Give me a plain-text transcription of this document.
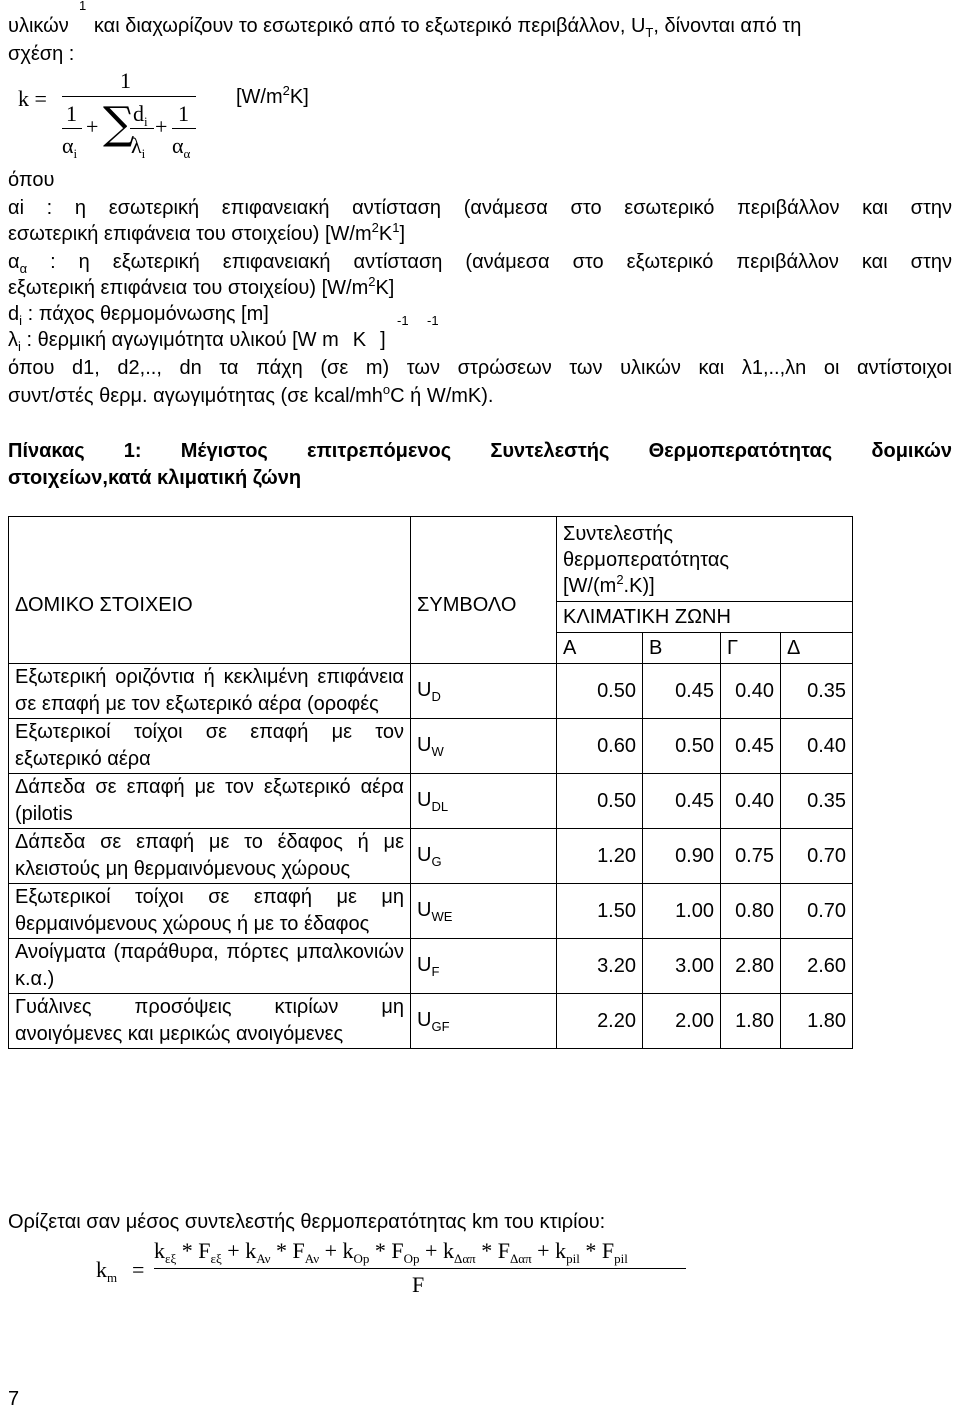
1
υλικών και διαχωρίζουν το εσωτερικό από το εξωτερικό περιβάλλον, $U_T$, δίνονται από τη
σχέση :
k =
1
1
$\alpha_i$
+ ∑
$d_i$
$\lambda_i$
+
1
$\alpha_\alpha$
$[W/m^2K]$
όπου
αi : η εσωτερική επιφανειακή αντίσταση (ανάμεσα στο εσωτερικό περιβάλλον και στην
εσωτερική επιφάνεια του στοιχείου) $[W/m^2K^1]$
$\alpha_\alpha$ : η εξωτερική επιφανειακή αντίσταση (ανάμεσα στο εξωτερικό περιβάλλον και στην
εξωτερική επιφάνεια του στοιχείου) $[W/m^2K]$
$d_i$ : πάχος θερμομόνωσης [m]	-1 -1
$\lambda_i$ : θερμική αγωγιμότητα υλικού [W m K ]
όπου d1, d2,.., dn τα πάχη (σε m) των στρώσεων των υλικών και λ1,..,λn οι αντίστοιχοι
συντ/στές θερμ. αγωγιμότητας (σε kcal/$mh^oC$ ή W/mK).
Πίνακας 1: Μέγιστος επιτρεπόμενος Συντελεστής Θερμοπερατότητας δομικών
στοιχείων,κατά κλιματική ζώνη
ΔΟΜΙΚΟ ΣΤΟΙΧΕΙΟ	ΣΥΜΒΟΛΟ	Συντελεστής
θερμοπερατότητας
$[W/(m^2.K)]$			

		ΚΛΙΜΑΤΙΚΗ ΖΩΝΗ			
		Α	Β	Γ	Δ
Εξωτερική οριζόντια ή κεκλιμένη επιφάνεια σε επαφή με τον εξωτερικό αέρα (οροφές	$U_D$	0.50	0.45	0.40	0.35
Εξωτερικοί τοίχοι σε επαφή με τον εξωτερικό αέρα	$U_W$	0.60	0.50	0.45	0.40
Δάπεδα σε επαφή με τον εξωτερικό αέρα (pilotis	$U_{DL}$	0.50	0.45	0.40	0.35
Δάπεδα σε επαφή με το έδαφος ή με κλειστούς μη θερμαινόμενους χώρους	$U_G$	1.20	0.90	0.75	0.70
Εξωτερικοί τοίχοι σε επαφή με μη θερμαινόμενους χώρους ή με το έδαφος	$U_{WE}$	1.50	1.00	0.80	0.70
Ανοίγματα (παράθυρα, πόρτες μπαλκονιών κ.α.)	$U_F$	3.20	3.00	2.80	2.60
Γυάλινες προσόψεις κτιρίων μη ανοιγόμενες και μερικώς ανοιγόμενες	$U_{GF}$	2.20	2.00	1.80	1.80
Ορίζεται σαν μέσος συντελεστής θερμοπερατότητας km του κτιρίου:
$k_m$ =
$k_{\varepsilon\xi} * F_{\varepsilon\xi} + k_{A\nu} * F_{A\nu} + k_{Op} * F_{Op} + k_{\Delta\alpha\pi} * F_{\Delta\alpha\pi} + k_{pil} * F_{pil}$
F
7
